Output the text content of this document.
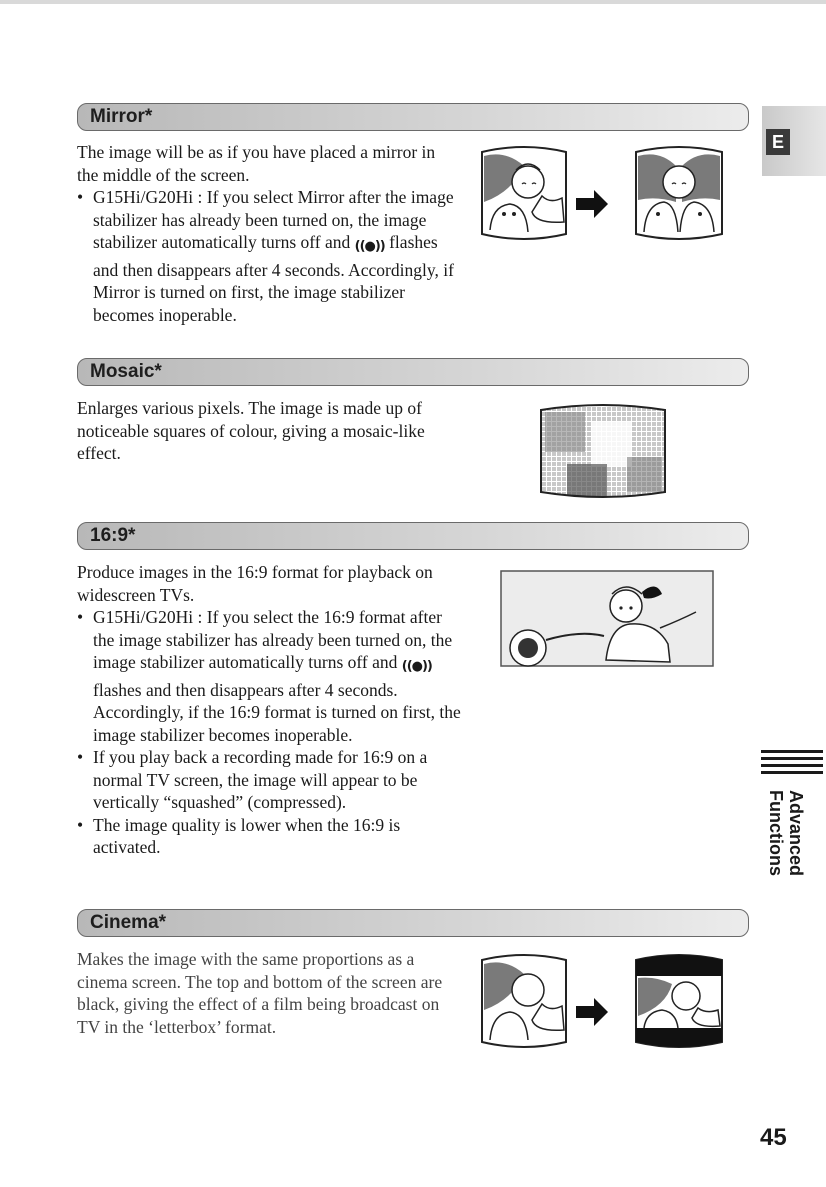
E
Mirror*

The image will be as if you have placed a mirror in the middle of the screen.

• G15Hi/G20Hi : If you select Mirror after the image stabilizer has already been turned on, the image stabilizer automatically turns off and ((●)) flashes and then disappears after 4 seconds. Accordingly, if Mirror is turned on first, the image stabilizer becomes inoperable.
Mosaic*

Enlarges various pixels. The image is made up of noticeable squares of colour, giving a mosaic-like effect.

16:9*

Produce images in the 16:9 format for playback on widescreen TVs.

• G15Hi/G20Hi : If you select the 16:9 format after the image stabilizer has already been turned on, the image stabilizer automatically turns off and ((●)) flashes and then disappears after 4 seconds. Accordingly, if the 16:9 format is turned on first, the image stabilizer becomes inoperable.
• If you play back a recording made for 16:9 on a normal TV screen, the image will appear to be vertically “squashed” (compressed).
• The image quality is lower when the 16:9 is activated.
Cinema*

Makes the image with the same proportions as a cinema screen. The top and bottom of the screen are black, giving the effect of a film being broadcast on TV in the ‘letterbox’ format.

Advanced
Functions
45
